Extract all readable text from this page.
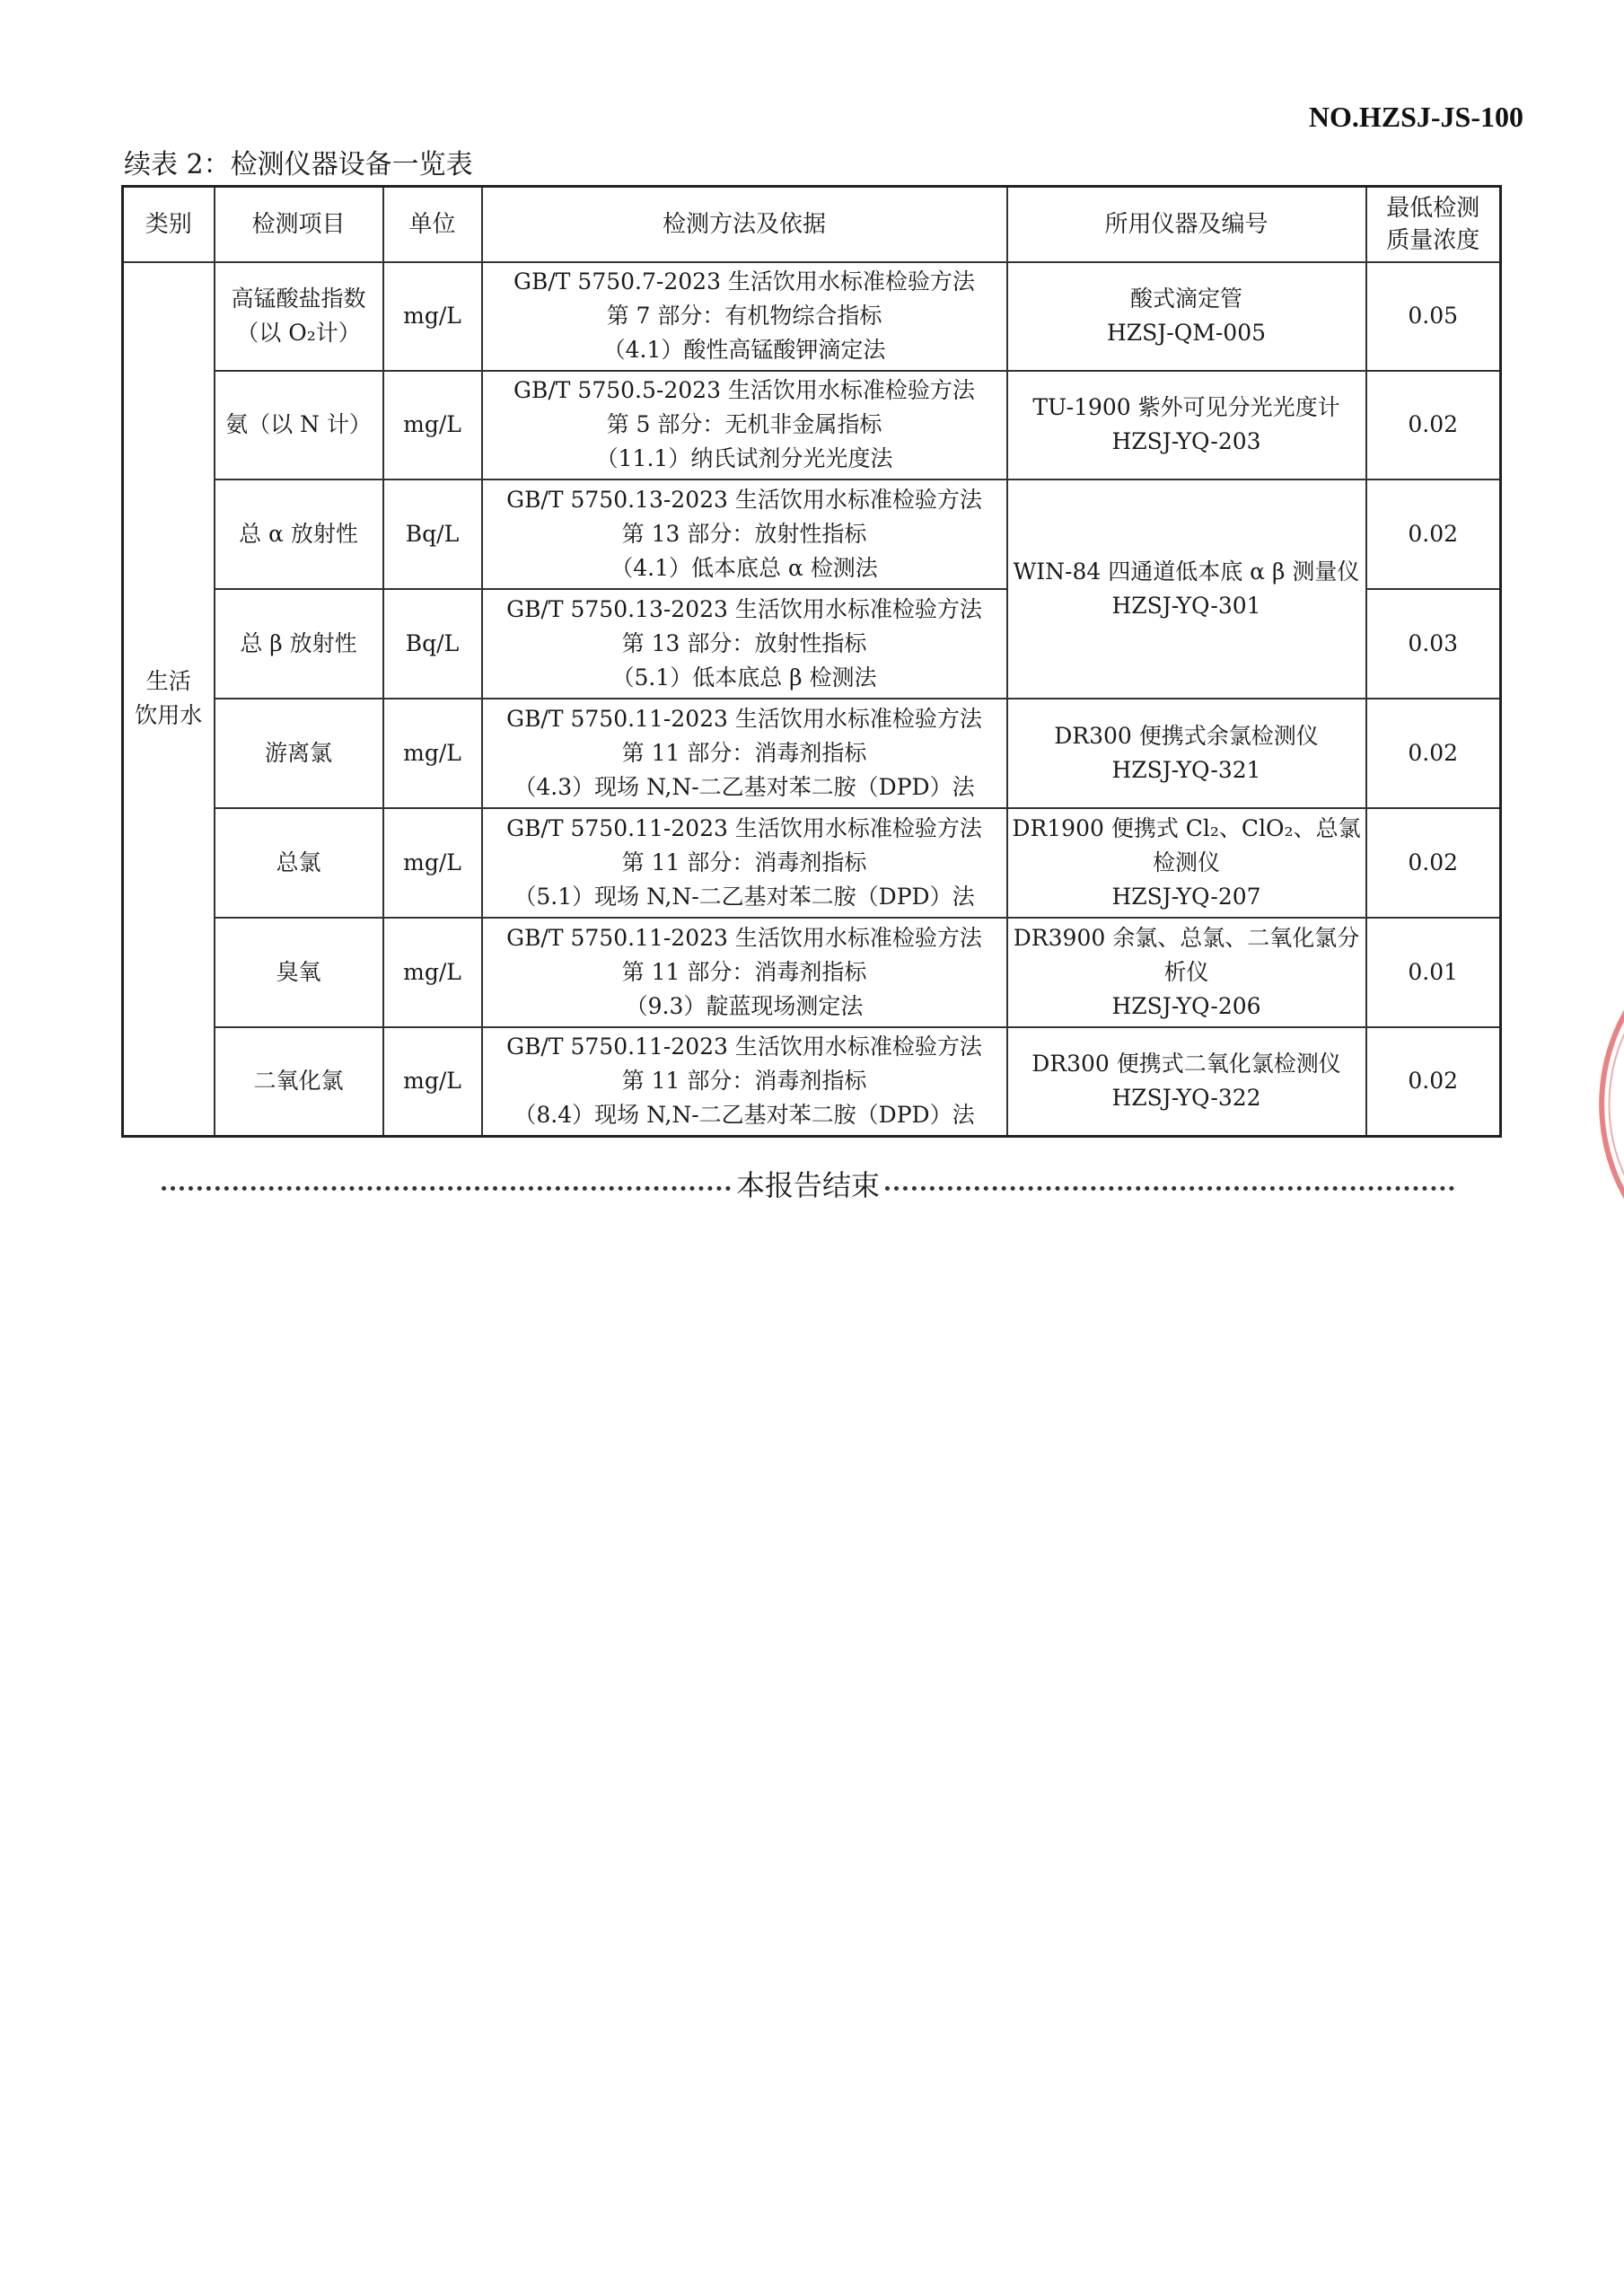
NO.HZSJ-JS-100
续表 2：检测仪器设备一览表
类别	检测项目	单位	检测方法及依据	所用仪器及编号	最低检测
质量浓度

生活
饮用水	高锰酸盐指数
（以 O₂计）	mg/L	GB/T 5750.7-2023 生活饮用水标准检验方法
第 7 部分：有机物综合指标
（4.1）酸性高锰酸钾滴定法	酸式滴定管
HZSJ-QM-005	0.05

	氨（以 N 计）	mg/L	GB/T 5750.5-2023 生活饮用水标准检验方法
第 5 部分：无机非金属指标
（11.1）纳氏试剂分光光度法	TU-1900 紫外可见分光光度计
HZSJ-YQ-203	0.02

	总 α 放射性	Bq/L	GB/T 5750.13-2023 生活饮用水标准检验方法
第 13 部分：放射性指标
（4.1）低本底总 α 检测法	WIN-84 四通道低本底 α β 测量仪
HZSJ-YQ-301	0.02

	总 β 放射性	Bq/L	GB/T 5750.13-2023 生活饮用水标准检验方法
第 13 部分：放射性指标
（5.1）低本底总 β 检测法		0.03

	游离氯	mg/L	GB/T 5750.11-2023 生活饮用水标准检验方法
第 11 部分：消毒剂指标
（4.3）现场 N,N-二乙基对苯二胺（DPD）法	DR300 便携式余氯检测仪
HZSJ-YQ-321	0.02

	总氯	mg/L	GB/T 5750.11-2023 生活饮用水标准检验方法
第 11 部分：消毒剂指标
（5.1）现场 N,N-二乙基对苯二胺（DPD）法	DR1900 便携式 Cl₂、ClO₂、总氯检测仪
HZSJ-YQ-207	0.02

	臭氧	mg/L	GB/T 5750.11-2023 生活饮用水标准检验方法
第 11 部分：消毒剂指标
（9.3）靛蓝现场测定法	DR3900 余氯、总氯、二氧化氯分析仪
HZSJ-YQ-206	0.01

	二氧化氯	mg/L	GB/T 5750.11-2023 生活饮用水标准检验方法
第 11 部分：消毒剂指标
（8.4）现场 N,N-二乙基对苯二胺（DPD）法	DR300 便携式二氧化氯检测仪
HZSJ-YQ-322	0.02
本报告结束
